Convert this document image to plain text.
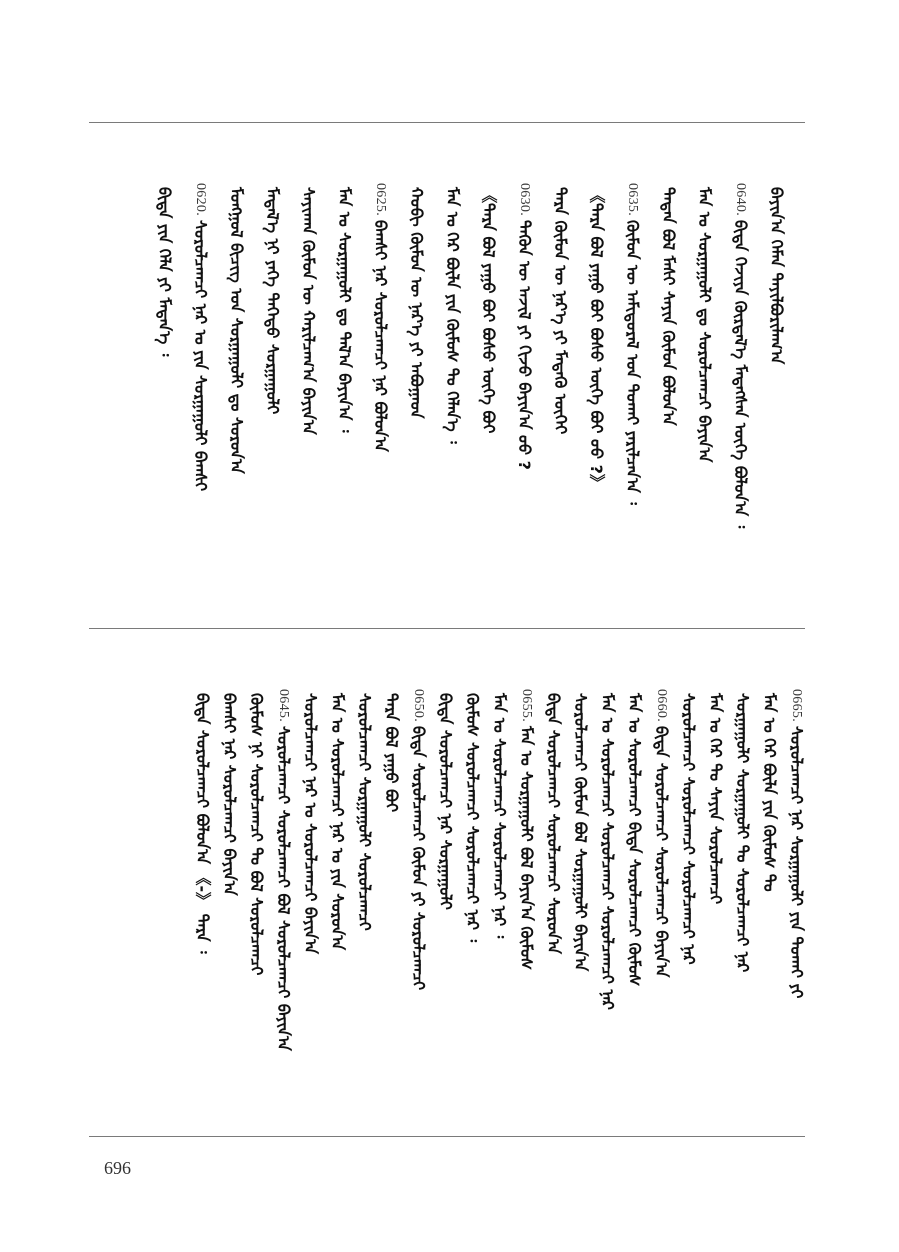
ᠪᠠᠶᠢᠨ᠎ᠠ ᠬᠡᠮᠡᠨ ᠲᠠᠶᠢᠯᠪᠤᠷᠢᠯᠠᠭ᠎ᠠ
0640.
ᠪᠢᠳᠡ ᠬᠡᠵᠢᠶᠡ ᠬᠦᠷᠲᠡᠯ᠎ᠡ ᠮᠡᠳᠡᠭᠰᠡᠨ ᠦᠭᠡ ᠪᠣᠯᠣᠨ᠎ᠠ ᠄
ᠮᠠᠨ ᠤ ᠰᠤᠷᠭᠠᠭᠤᠯᠢ ᠳᠤ ᠰᠤᠷᠤᠯᠴᠠᠭᠴᠢ ᠪᠠᠶᠢᠨ᠎ᠠ
ᠲᠡᠳᠡᠨ ᠪᠣᠯ ᠮᠠᠰᠢ ᠰᠠᠶᠢᠨ ᠬᠦᠮᠦᠨ ᠪᠣᠯᠤᠨ᠎ᠠ
0635.
ᠬᠦᠮᠦᠨ ᠦ ᠠᠮᠢᠳᠤᠷᠠᠯ ᠤᠨ ᠲᠤᠬᠠᠢ ᠶᠠᠷᠢᠯᠴᠠᠨ᠎ᠠ ᠄
《ᠲᠡᠷᠡ ᠪᠣᠯ ᠶᠠᠭᠤ ᠪᠣᠢ ᠪᠤᠰᠤ ᠦᠭᠡ ᠪᠣᠢ ᠤᠤ ?》
ᠲᠡᠷᠡ ᠬᠦᠮᠦᠨ ᠦ ᠨᠡᠷ᠎ᠡ ᠶᠢ ᠮᠡᠳᠡᠬᠦ ᠦᠭᠡᠢ
0630.
ᠲᠡᠭᠦᠨ ᠦ ᠠᠵᠢᠯ ᠶᠢ ᠬᠢᠵᠦ ᠪᠠᠶᠢᠨ᠎ᠠ ᠤᠤ ?
《ᠲᠡᠷᠡ ᠪᠣᠯ ᠶᠠᠭᠤ ᠪᠣᠢ ᠪᠤᠰᠤ ᠦᠭᠡ ᠪᠣᠢ
ᠮᠠᠨ ᠤ ᠭᠡᠷ ᠪᠦᠯᠡ ᠶᠢᠨ ᠬᠦᠮᠦᠰ ᠲᠤ ᠬᠡᠯᠡᠨ᠎ᠡ ᠄
ᠬᠤᠪᠢ ᠬᠦᠮᠦᠨ ᠦ ᠨᠡᠷ᠎ᠡ ᠶᠢ ᠠᠪᠤᠭᠠᠳ
0625.
ᠪᠠᠭᠰᠢ ᠨᠠᠷ ᠰᠤᠷᠤᠯᠴᠠᠭᠴᠢ ᠨᠠᠷ ᠪᠤᠯᠤᠨ᠎ᠠ
ᠮᠠᠨ ᠤ ᠰᠤᠷᠭᠠᠭᠤᠯᠢ ᠳᠤ ᠲᠠᠯ᠎ᠠ ᠪᠠᠶᠢᠨ᠎ᠠ ᠄
ᠰᠠᠶᠢᠬᠠᠨ ᠬᠦᠮᠦᠨ ᠦ ᠬᠠᠷᠢᠯᠴᠠᠭ᠎ᠠ ᠪᠠᠶᠢᠨ᠎ᠠ
ᠮᠡᠳᠡᠯ᠎ᠡ ᠨᠢ ᠶᠡᠬᠡ ᠳᠡᠭᠡᠳᠦ ᠰᠤᠷᠭᠠᠭᠤᠯᠢ
ᠮᠣᠩᠭᠣᠯ ᠪᠢᠴᠢᠭ ᠤᠨ ᠰᠤᠷᠭᠠᠭᠤᠯᠢ ᠳᠤ ᠰᠤᠷᠤᠨ᠎ᠠ
0620.
ᠰᠤᠷᠤᠯᠴᠠᠭᠴᠢ ᠨᠠᠷ ᠤ ᠶᠢᠨ ᠰᠤᠷᠭᠠᠭᠤᠯᠢ ᠪᠠᠭᠰᠢ
ᠪᠢᠳᠡ ᠶᠢᠨ ᠬᠡᠯᠡ ᠶᠢ ᠮᠡᠳᠡᠨ᠎ᠡ ᠄
0665.
ᠰᠤᠷᠤᠯᠴᠠᠭᠴᠢ ᠨᠠᠷ ᠰᠤᠷᠭᠠᠭᠤᠯᠢ ᠶᠢᠨ ᠲᠤᠬᠠᠢ ᠶᠢ
ᠮᠠᠨ ᠤ ᠭᠡᠷ ᠪᠦᠯᠡ ᠶᠢᠨ ᠬᠦᠮᠦᠰ ᠲᠤ
ᠰᠤᠷᠭᠠᠭᠤᠯᠢ ᠰᠤᠷᠭᠠᠭᠤᠯᠢ ᠲᠤ ᠰᠤᠷᠤᠯᠴᠠᠭᠴᠢ ᠨᠠᠷ
ᠮᠠᠨ ᠤ ᠭᠡᠷ ᠲᠤ ᠰᠠᠶᠢᠨ ᠰᠤᠷᠤᠯᠴᠠᠭᠴᠢ
ᠰᠤᠷᠤᠯᠴᠠᠭᠴᠢ ᠰᠤᠷᠤᠯᠴᠠᠭᠴᠢ ᠰᠤᠷᠤᠯᠴᠠᠭᠴᠢ ᠨᠠᠷ
0660.
ᠪᠢᠳᠡ ᠰᠤᠷᠤᠯᠴᠠᠭᠴᠢ ᠰᠤᠷᠤᠯᠴᠠᠭᠴᠢ ᠪᠠᠶᠢᠨ᠎ᠠ
ᠮᠠᠨ ᠤ ᠰᠤᠷᠤᠯᠴᠠᠭᠴᠢ ᠪᠢᠳᠡ ᠰᠤᠷᠤᠯᠴᠠᠭᠴᠢ ᠬᠦᠮᠦᠰ
ᠮᠠᠨ ᠤ ᠰᠤᠷᠤᠯᠴᠠᠭᠴᠢ ᠰᠤᠷᠤᠯᠴᠠᠭᠴᠢ ᠰᠤᠷᠤᠯᠴᠠᠭᠴᠢ ᠨᠠᠷ
ᠰᠤᠷᠤᠯᠴᠠᠭᠴᠢ ᠬᠦᠮᠦᠨ ᠪᠣᠯ ᠰᠤᠷᠭᠠᠭᠤᠯᠢ ᠪᠠᠶᠢᠨ᠎ᠠ
ᠪᠢᠳᠡ ᠰᠤᠷᠤᠯᠴᠠᠭᠴᠢ ᠰᠤᠷᠤᠯᠴᠠᠭᠴᠢ ᠰᠤᠷᠤᠨ᠎ᠠ
0655.
ᠮᠠᠨ ᠤ ᠰᠤᠷᠭᠠᠭᠤᠯᠢ ᠪᠣᠯ ᠪᠠᠶᠢᠨ᠎ᠠ ᠬᠦᠮᠦᠰ
ᠮᠠᠨ ᠤ ᠰᠤᠷᠤᠯᠴᠠᠭᠴᠢ ᠰᠤᠷᠤᠯᠴᠠᠭᠴᠢ ᠨᠠᠷ ᠄
ᠬᠦᠮᠦᠰ ᠰᠤᠷᠤᠯᠴᠠᠭᠴᠢ ᠰᠤᠷᠤᠯᠴᠠᠭᠴᠢ ᠨᠠᠷ ᠄
ᠪᠢᠳᠡ ᠰᠤᠷᠤᠯᠴᠠᠭᠴᠢ ᠨᠠᠷ ᠰᠤᠷᠭᠠᠭᠤᠯᠢ
0650.
ᠪᠢᠳᠡ ᠰᠤᠷᠤᠯᠴᠠᠭᠴᠢ ᠬᠦᠮᠦᠨ ᠶᠢ ᠰᠤᠷᠤᠯᠴᠠᠭᠴᠢ
ᠲᠡᠷᠡ ᠪᠣᠯ ᠶᠠᠭᠤ ᠪᠣᠢ
ᠰᠤᠷᠤᠯᠴᠠᠭᠴᠢ ᠰᠤᠷᠭᠠᠭᠤᠯᠢ ᠰᠤᠷᠤᠯᠴᠠᠭᠴᠢ
ᠮᠠᠨ ᠤ ᠰᠤᠷᠤᠯᠴᠠᠭᠴᠢ ᠨᠠᠷ ᠤ ᠶᠢᠨ ᠰᠤᠷᠤᠨ᠎ᠠ
ᠰᠤᠷᠤᠯᠴᠠᠭᠴᠢ ᠨᠠᠷ ᠤ ᠰᠤᠷᠤᠯᠴᠠᠭᠴᠢ ᠪᠠᠶᠢᠨ᠎ᠠ
0645.
ᠰᠤᠷᠤᠯᠴᠠᠭᠴᠢ ᠰᠤᠷᠤᠯᠴᠠᠭᠴᠢ ᠪᠣᠯ ᠰᠤᠷᠤᠯᠴᠠᠭᠴᠢ ᠪᠠᠶᠢᠨ᠎ᠠ
ᠬᠦᠮᠦᠰ ᠨᠢ ᠰᠤᠷᠤᠯᠴᠠᠭᠴᠢ ᠲᠤ ᠪᠣᠯ ᠰᠤᠷᠤᠯᠴᠠᠭᠴᠢ
ᠪᠠᠭᠰᠢ ᠨᠠᠷ ᠰᠤᠷᠤᠯᠴᠠᠭᠴᠢ ᠪᠠᠶᠢᠨ᠎ᠠ
ᠪᠢᠳᠡ ᠰᠤᠷᠤᠯᠴᠠᠭᠴᠢ ᠪᠣᠯᠤᠨ᠎ᠠ 《-》 ᠲᠡᠷᠡ ᠄
696
